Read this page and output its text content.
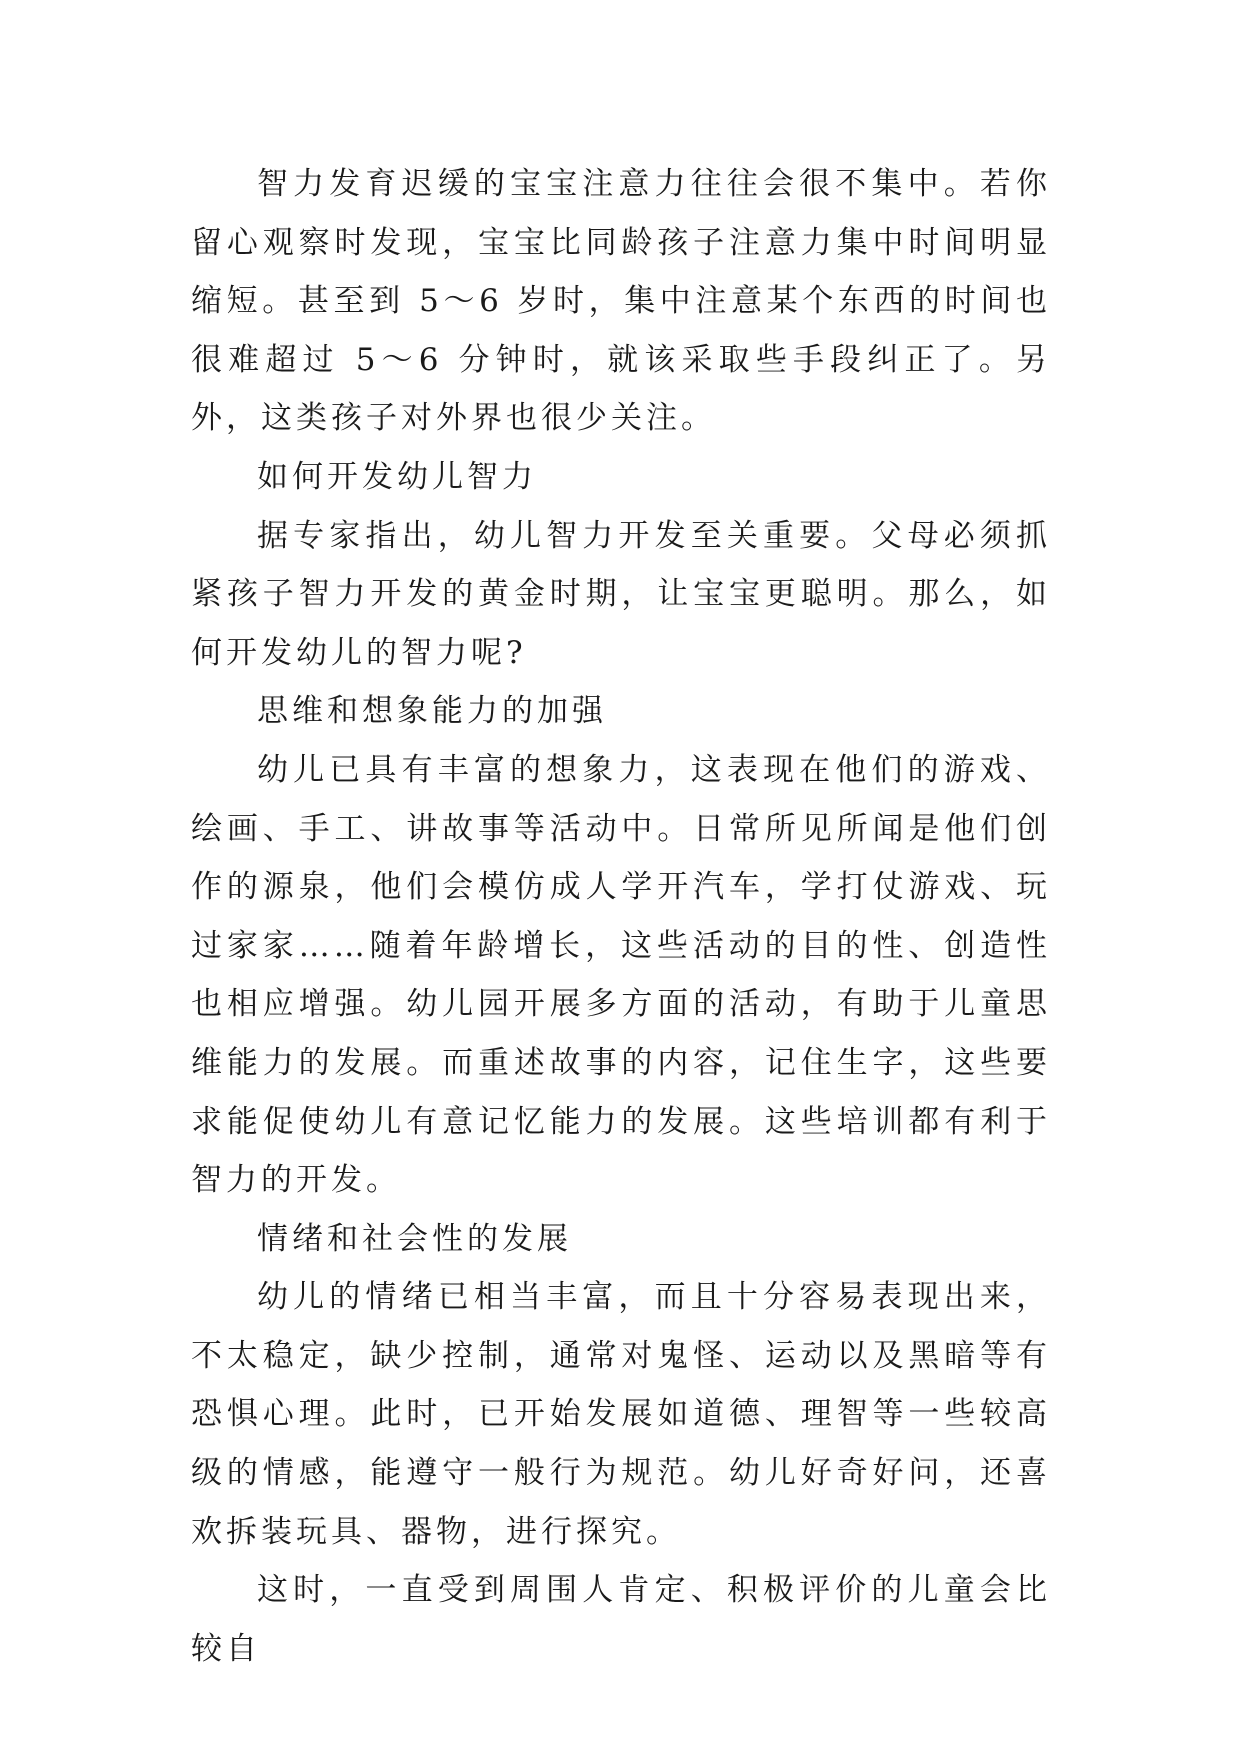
智力发育迟缓的宝宝注意力往往会很不集中。若你留心观察时发现，宝宝比同龄孩子注意力集中时间明显缩短。甚至到 5～6 岁时，集中注意某个东西的时间也很难超过 5～6 分钟时，就该采取些手段纠正了。另外，这类孩子对外界也很少关注。

如何开发幼儿智力

据专家指出，幼儿智力开发至关重要。父母必须抓紧孩子智力开发的黄金时期，让宝宝更聪明。那么，如何开发幼儿的智力呢?

思维和想象能力的加强

幼儿已具有丰富的想象力，这表现在他们的游戏、绘画、手工、讲故事等活动中。日常所见所闻是他们创作的源泉，他们会模仿成人学开汽车，学打仗游戏、玩过家家……随着年龄增长，这些活动的目的性、创造性也相应增强。幼儿园开展多方面的活动，有助于儿童思维能力的发展。而重述故事的内容，记住生字，这些要求能促使幼儿有意记忆能力的发展。这些培训都有利于智力的开发。

情绪和社会性的发展

幼儿的情绪已相当丰富，而且十分容易表现出来，不太稳定，缺少控制，通常对鬼怪、运动以及黑暗等有恐惧心理。此时，已开始发展如道德、理智等一些较高级的情感，能遵守一般行为规范。幼儿好奇好问，还喜欢拆装玩具、器物，进行探究。

这时，一直受到周围人肯定、积极评价的儿童会比较自
